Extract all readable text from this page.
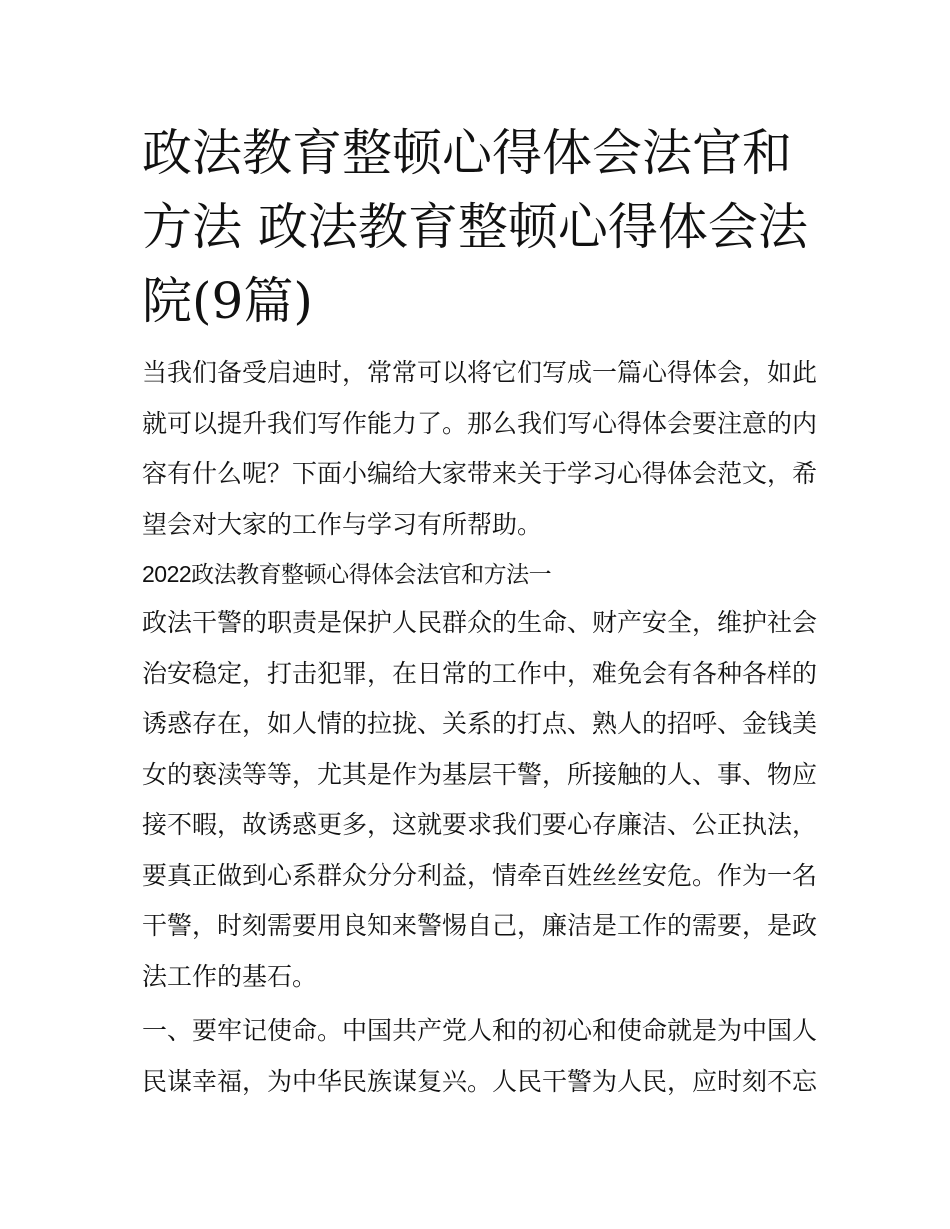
政法教育整顿心得体会法官和
方法 政法教育整顿心得体会法
院(9篇)

当我们备受启迪时，常常可以将它们写成一篇心得体会，如此
就可以提升我们写作能力了。那么我们写心得体会要注意的内
容有什么呢？下面小编给大家带来关于学习心得体会范文，希
望会对大家的工作与学习有所帮助。

2022政法教育整顿心得体会法官和方法一

政法干警的职责是保护人民群众的生命、财产安全，维护社会
治安稳定，打击犯罪，在日常的工作中，难免会有各种各样的
诱惑存在，如人情的拉拢、关系的打点、熟人的招呼、金钱美
女的亵渎等等，尤其是作为基层干警，所接触的人、事、物应
接不暇，故诱惑更多，这就要求我们要心存廉洁、公正执法，
要真正做到心系群众分分利益，情牵百姓丝丝安危。作为一名
干警，时刻需要用良知来警惕自己，廉洁是工作的需要，是政
法工作的基石。

一、要牢记使命。中国共产党人和的初心和使命就是为中国人
民谋幸福，为中华民族谋复兴。人民干警为人民，应时刻不忘
